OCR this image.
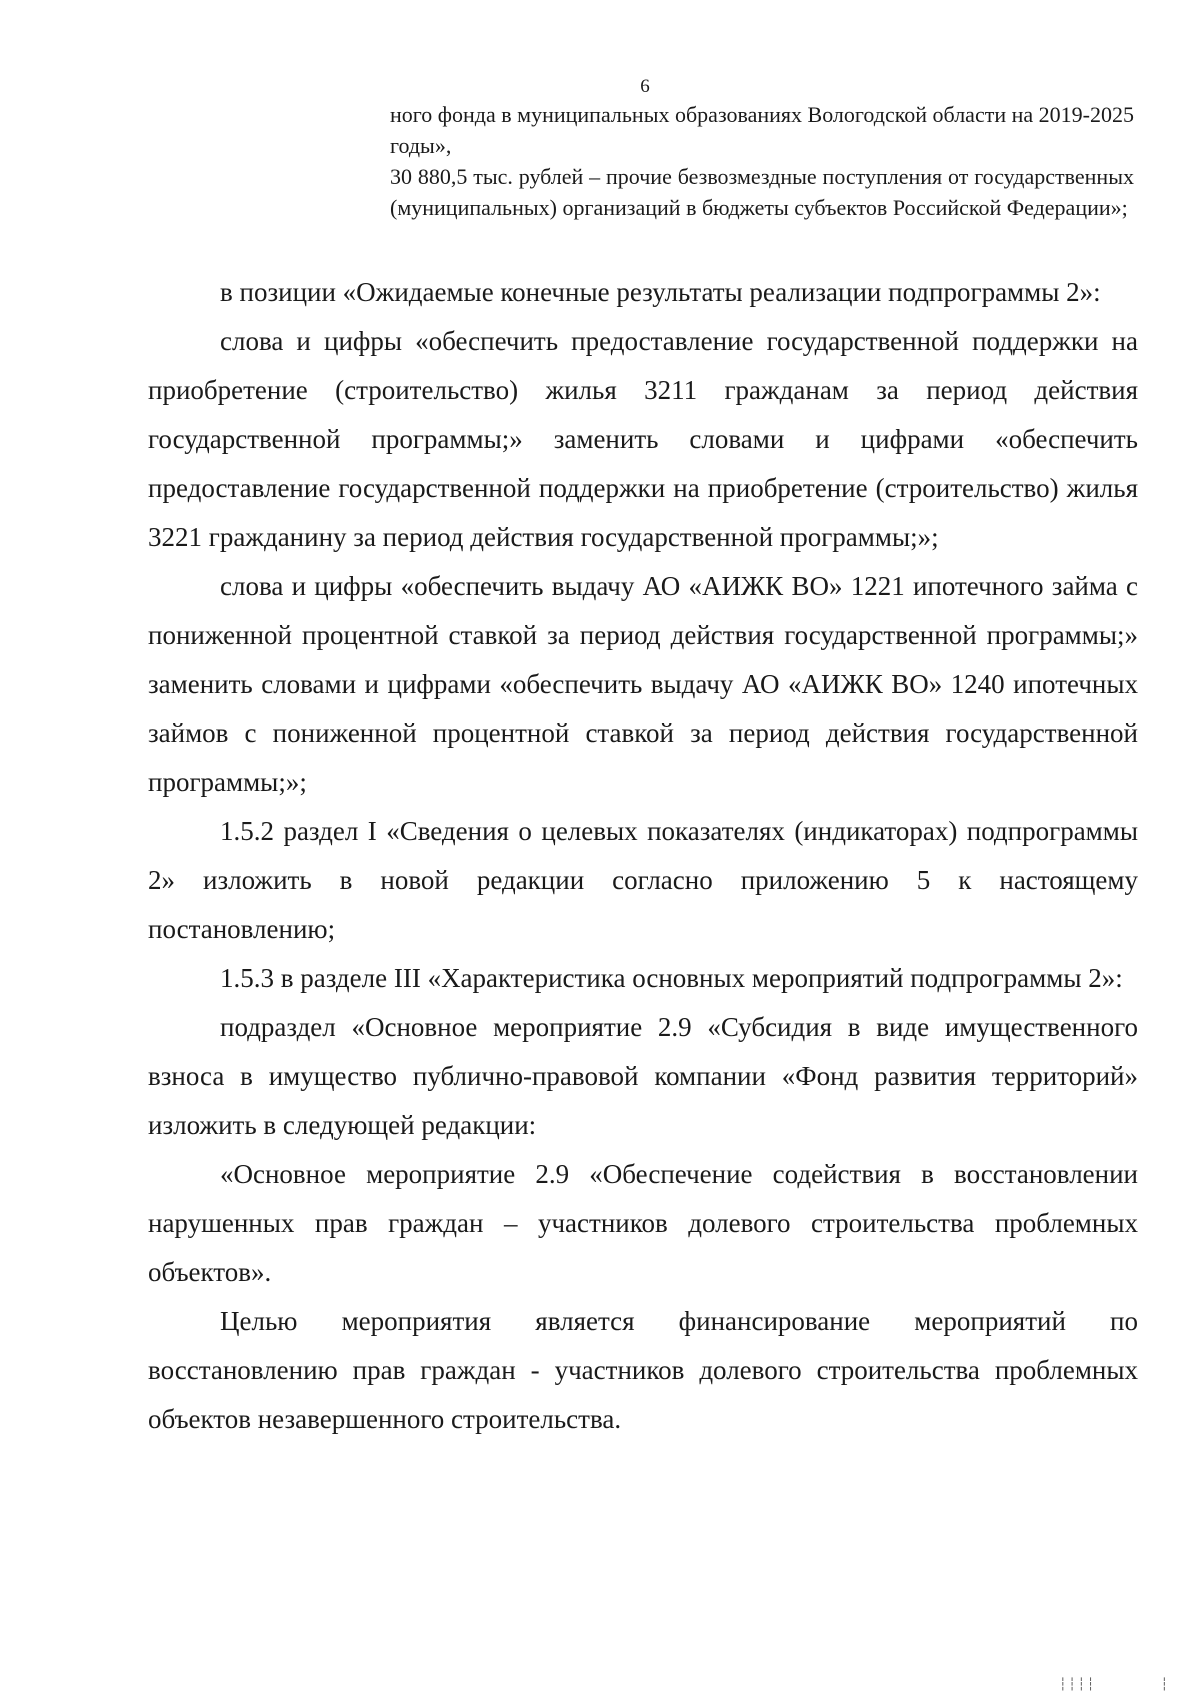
6

ного фонда в муниципальных образованиях Вологодской области на 2019-2025 годы»,

30 880,5 тыс. рублей – прочие безвозмездные поступления от государственных (муниципальных) организаций в бюджеты субъектов Российской Федерации»;

в позиции «Ожидаемые конечные результаты реализации подпрограммы 2»:

слова и цифры «обеспечить предоставление государственной поддержки на приобретение (строительство) жилья 3211 гражданам за период действия государственной программы;» заменить словами и цифрами «обеспечить предоставление государственной поддержки на приобретение (строительство) жилья 3221 гражданину за период действия государственной программы;»;

слова и цифры «обеспечить выдачу АО «АИЖК ВО» 1221 ипотечного займа с пониженной процентной ставкой за период действия государственной программы;» заменить словами и цифрами «обеспечить выдачу АО «АИЖК ВО» 1240 ипотечных займов с пониженной процентной ставкой за период действия государственной программы;»;

1.5.2 раздел I «Сведения о целевых показателях (индикаторах) подпрограммы 2» изложить в новой редакции согласно приложению 5 к настоящему постановлению;

1.5.3 в разделе III «Характеристика основных мероприятий подпрограммы 2»:

подраздел «Основное мероприятие 2.9 «Субсидия в виде имущественного взноса в имущество публично-правовой компании «Фонд развития территорий» изложить в следующей редакции:

«Основное мероприятие 2.9 «Обеспечение содействия в восстановлении нарушенных прав граждан – участников долевого строительства проблемных объектов».

Целью мероприятия является финансирование мероприятий по восстановлению прав граждан - участников долевого строительства проблемных объектов незавершенного строительства.

┆┆┆┆       ┆
